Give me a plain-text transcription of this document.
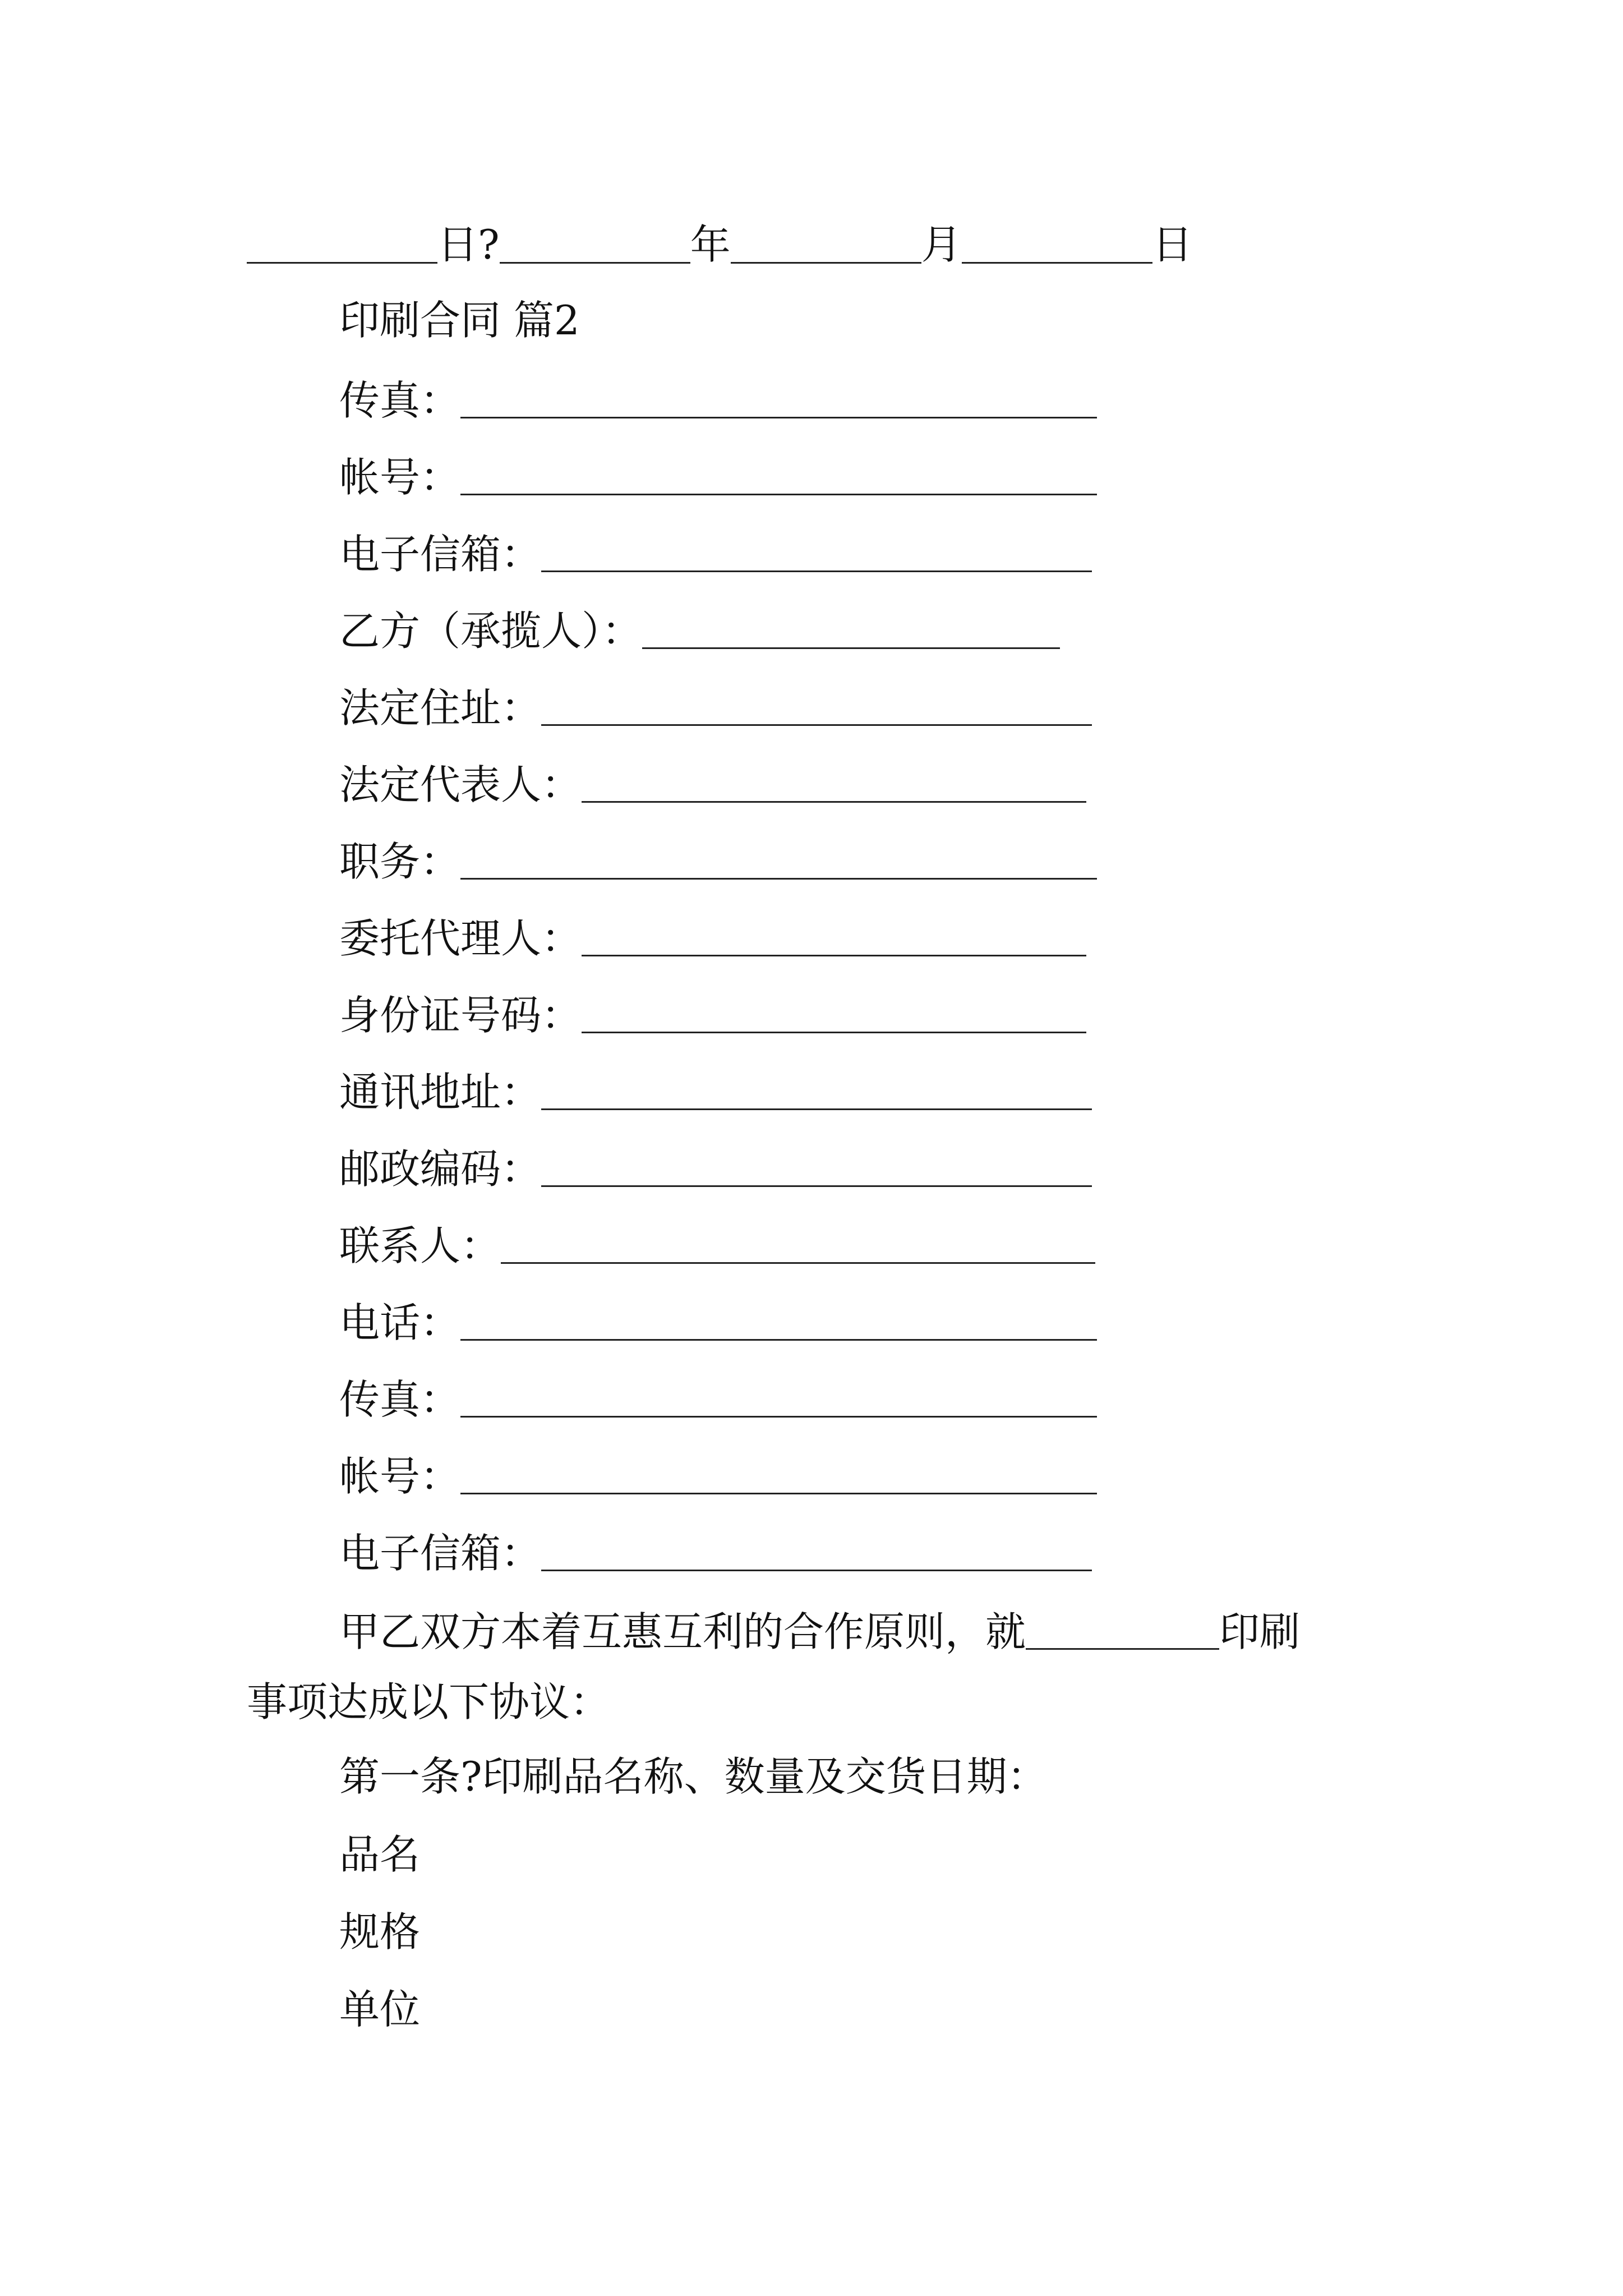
日?	年	月	日
印刷合同 篇2
传真：
帐号：
电子信箱：
乙方（承揽人）：
法定住址：
法定代表人：
职务：
委托代理人：
身份证号码：
通讯地址：
邮政编码：
联系人：
电话：
传真：
帐号：
电子信箱：
甲乙双方本着互惠互利的合作原则，就	印刷
事项达成以下协议：
第一条?印刷品名称、数量及交货日期：
品名
规格
单位
